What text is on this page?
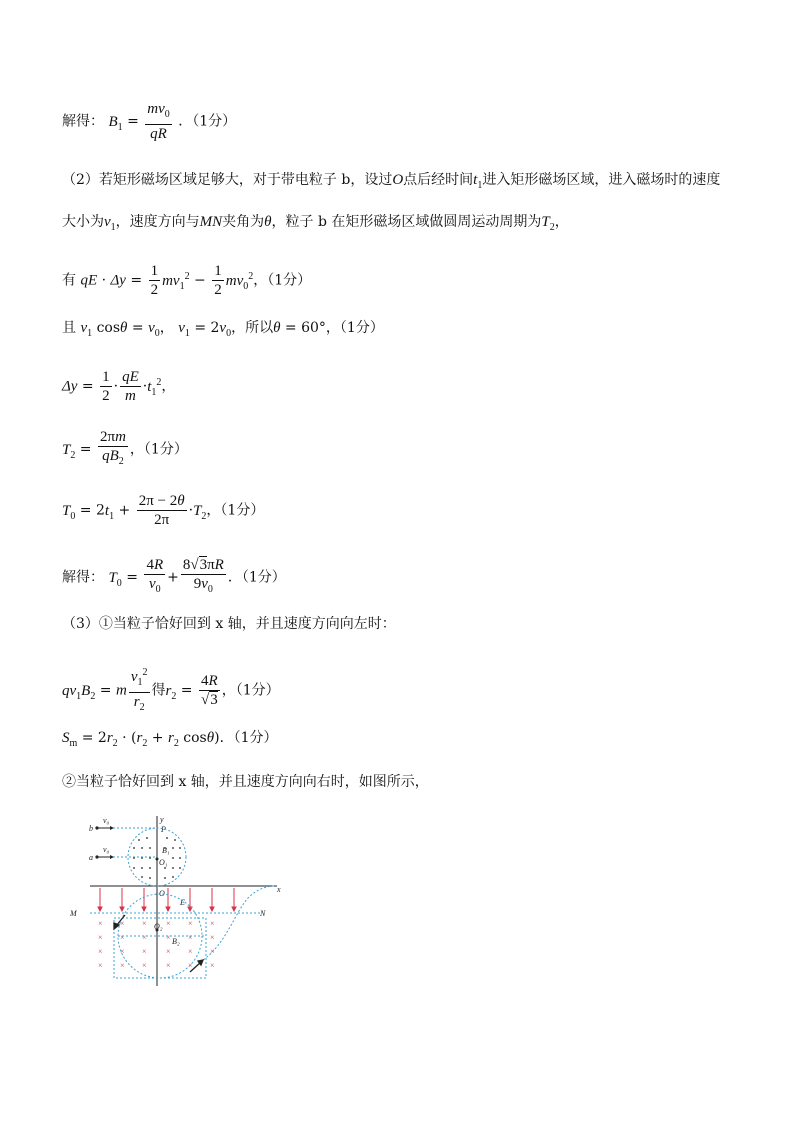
解得： $B_1 = \frac{mv_0}{qR}$ ．（1分）
（2）若矩形磁场区域足够大，对于带电粒子 b，设过O点后经时间$t_1$进入矩形磁场区域，进入磁场时的速度
大小为$v_1$，速度方向与MN夹角为θ，粒子 b 在矩形磁场区域做圆周运动周期为$T_2$，
有 qE · $\Delta y = \frac{1}{2} mv_1^2 - \frac{1}{2} mv_0^2$，（1分）
且 $v_1$ $\cos\theta = v_0$， $v_1 = 2v_0$，所以θ = 60°，（1分）
$\Delta y = \frac{1}{2} \cdot \frac{qE}{m} \cdot t_1^2$，
$T_2 = \frac{2\pi m}{qB_2}$ ，（1分）
$T_0 = 2t_1 + \frac{2\pi - 2\theta}{2\pi} \cdot T_2$，（1分）
解得： $T_0 = \frac{4R}{v_0} + \frac{8√3\pi R}{9v_0}$ ．（1分）
（3）①当粒子恰好回到 x 轴，并且速度方向向左时：
$qv_1B_2 = m \frac{v_1^2}{r_2}$ 得$r_2 = \frac{4R}{√3}$ ，（1分）
$S_m = 2r_2 \cdot (r_2 + r_2$ cosθ)．（1分）
②当粒子恰好回到 x 轴，并且速度方向向右时，如图所示，
x
y
P
O
O₁
B₁
b
v₀
a
v₀
M	N
E
× × × × × ×
× × × × × ×
× × × × × ×
× × × × × ×
O₂
B₂
